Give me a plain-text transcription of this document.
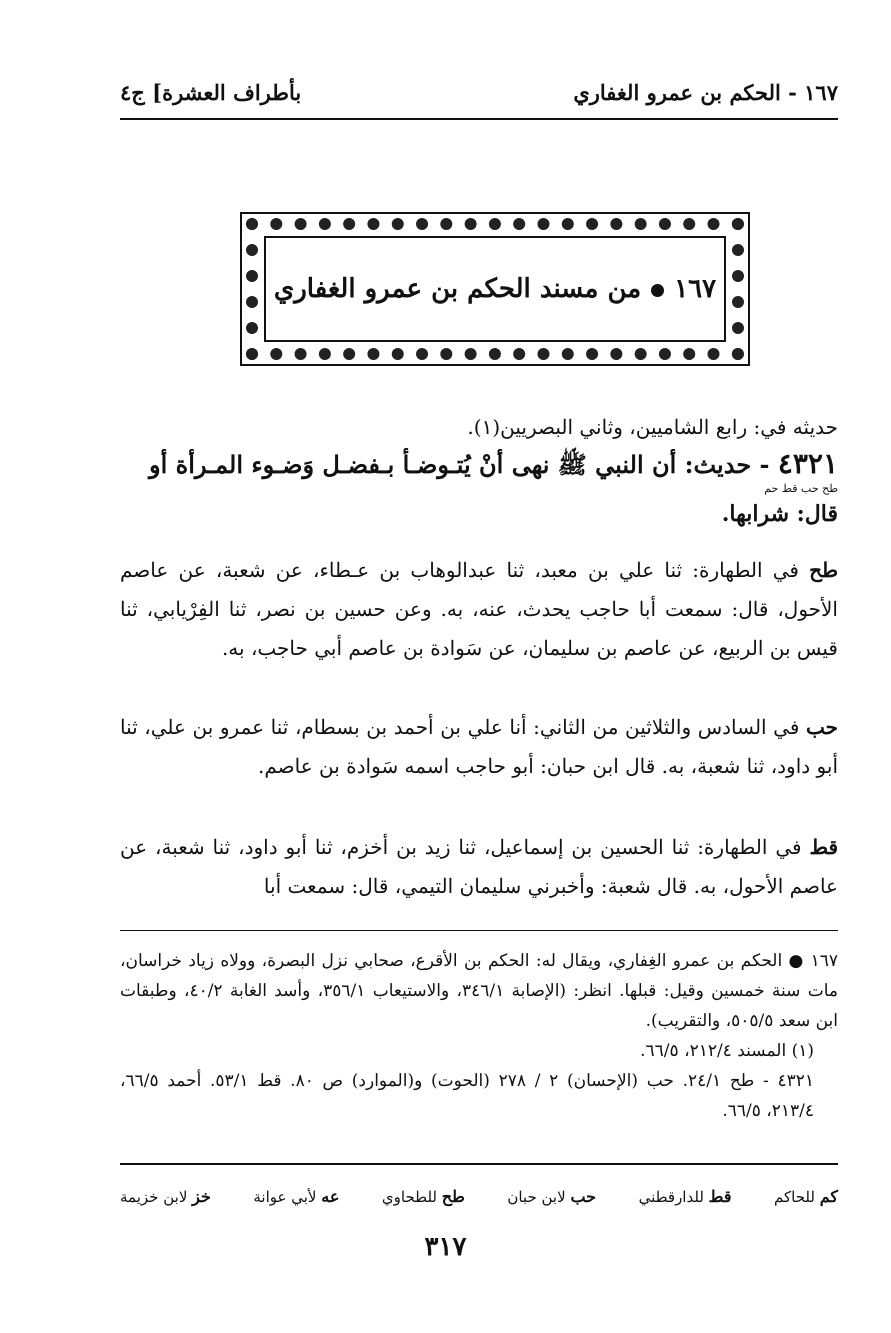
بأطراف العشرة] ج٤	١٦٧ - الحكم بن عمرو الغفاري
١٦٧من مسند الحكم بن عمرو الغفاري
حديثه في: رابع الشاميين، وثاني البصريين(١).
٤٣٢١ - حديث: أن النبي ﷺ نهى أنْ يُتـوضـأ بـفضـل وَضـوء المـرأة أو
طح حب قط حم
قال: شرابها.
طح في الطهارة: ثنا علي بن معبد، ثنا عبدالوهاب بن عـطاء، عن شعبة، عن عاصم الأحول، قال: سمعت أبا حاجب يحدث، عنه، به. وعن حسين بن نصر، ثنا الفِرْيابي، ثنا قيس بن الربيع، عن عاصم بن سليمان، عن سَوادة بن عاصم أبي حاجب، به.
حب في السادس والثلاثين من الثاني: أنا علي بن أحمد بن بسطام، ثنا عمرو بن علي، ثنا أبو داود، ثنا شعبة، به. قال ابن حبان: أبو حاجب اسمه سَوادة بن عاصم.
قط في الطهارة: ثنا الحسين بن إسماعيل، ثنا زيد بن أخزم، ثنا أبو داود، ثنا شعبة، عن عاصم الأحول، به. قال شعبة: وأخبرني سليمان التيمي، قال: سمعت أبا

١٦٧ ● الحكم بن عمرو الغِفاري، ويقال له: الحكم بن الأقرع، صحابي نزل البصرة، وولاه زياد خراسان، مات سنة خمسين وقيل: قبلها. انظر: (الإصابة ٣٤٦/١، والاستيعاب ٣٥٦/١، وأسد الغابة ٤٠/٢، وطبقات ابن سعد ٥٠٥/٥، والتقريب).

(١) المسند ٢١٢/٤، ٦٦/٥.

٤٣٢١ - طح ٢٤/١. حب (الإحسان) ٢ / ٢٧٨ (الحوت) و(الموارد) ص ٨٠. قط ٥٣/١. أحمد ٦٦/٥، ٢١٣/٤، ٦٦/٥.

خز لابن خزيمة	عه لأبي عوانة	طح للطحاوي	حب لابن حبان	قط للدارقطني	كم للحاكم
٣١٧
